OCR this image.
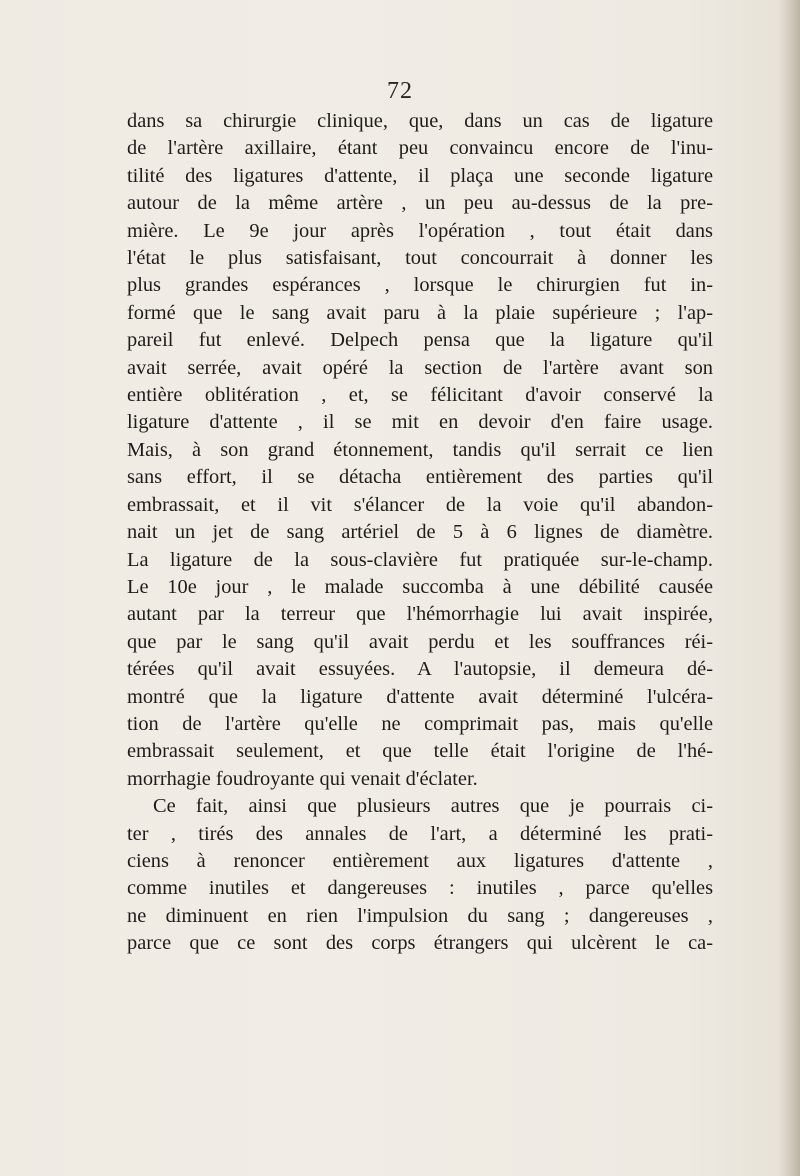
72
dans sa chirurgie clinique, que, dans un cas de ligature
de l'artère axillaire, étant peu convaincu encore de l'inu-
tilité des ligatures d'attente, il plaça une seconde ligature
autour de la même artère , un peu au-dessus de la pre-
mière. Le 9e jour après l'opération , tout était dans
l'état le plus satisfaisant, tout concourrait à donner les
plus grandes espérances , lorsque le chirurgien fut in-
formé que le sang avait paru à la plaie supérieure ; l'ap-
pareil fut enlevé. Delpech pensa que la ligature qu'il
avait serrée, avait opéré la section de l'artère avant son
entière oblitération , et, se félicitant d'avoir conservé la
ligature d'attente , il se mit en devoir d'en faire usage.
Mais, à son grand étonnement, tandis qu'il serrait ce lien
sans effort, il se détacha entièrement des parties qu'il
embrassait, et il vit s'élancer de la voie qu'il abandon-
nait un jet de sang artériel de 5 à 6 lignes de diamètre.
La ligature de la sous-clavière fut pratiquée sur-le-champ.
Le 10e jour , le malade succomba à une débilité causée
autant par la terreur que l'hémorrhagie lui avait inspirée,
que par le sang qu'il avait perdu et les souffrances réi-
térées qu'il avait essuyées. A l'autopsie, il demeura dé-
montré que la ligature d'attente avait déterminé l'ulcéra-
tion de l'artère qu'elle ne comprimait pas, mais qu'elle
embrassait seulement, et que telle était l'origine de l'hé-
morrhagie foudroyante qui venait d'éclater.
Ce fait, ainsi que plusieurs autres que je pourrais ci-
ter , tirés des annales de l'art, a déterminé les prati-
ciens à renoncer entièrement aux ligatures d'attente ,
comme inutiles et dangereuses : inutiles , parce qu'elles
ne diminuent en rien l'impulsion du sang ; dangereuses ,
parce que ce sont des corps étrangers qui ulcèrent le ca-
